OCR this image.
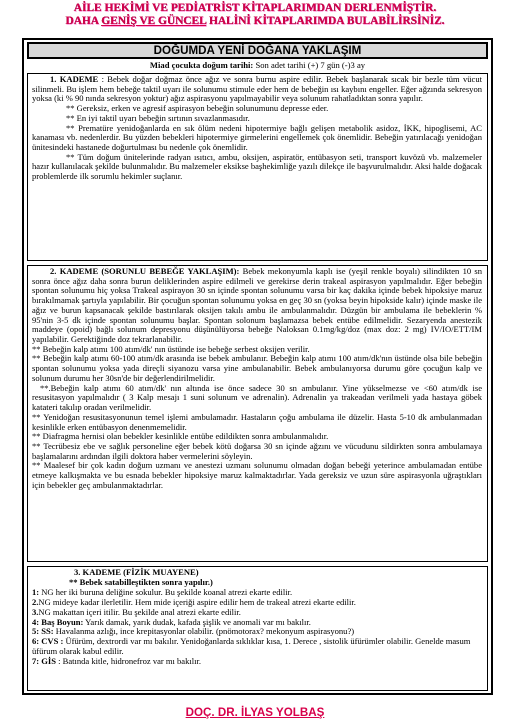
AİLE HEKİMİ VE PEDİATRİST KİTAPLARIMDAN DERLENMİŞTİR.
DAHA GENİŞ VE GÜNCEL HALİNİ KİTAPLARIMDA BULABİLİRSİNİZ.
DOĞUMDA YENİ DOĞANA YAKLAŞIM
Miad çocukta doğum tarihi: Son adet tarihi (+) 7 gün (-)3 ay

1. KADEME : Bebek doğar doğmaz önce ağız ve sonra burnu aspire edilir. Bebek başlanarak sıcak bir bezle tüm vücut silinmeli. Bu işlem hem bebeğe taktil uyarı ile solunumu stimule eder hem de bebeğin ısı kaybını engeller. Eğer ağzında sekresyon yoksa (ki % 90 nında sekresyon yoktur) ağız aspirasyonu yapılmayabilir veya solunum rahatladıktan sonra yapılır.

** Gereksiz, erken ve agresif aspirasyon bebeğin solunumunu depresse eder.

** En iyi taktil uyarı bebeğin sırtının sıvazlanmasıdır.

** Prematüre yenidoğanlarda en sık ölüm nedeni hipotermiye bağlı gelişen metabolik asidoz, İKK, hipoglisemi, AC kanaması vb. nedenlerdir. Bu yüzden bebekleri hipotermiye girmelerini engellemek çok önemlidir. Bebeğin yatırılacağı yenidoğan ünitesindeki hastanede doğurtulması bu nedenle çok önemlidir.

** Tüm doğum ünitelerinde radyan ısıtıcı, ambu, oksijen, aspiratör, entübasyon seti, transport kuvözü vb. malzemeler hazır kullanılacak şekilde bulunmalıdır. Bu malzemeler eksikse başhekimliğe yazılı dilekçe ile başvurulmalıdır. Aksi halde doğacak problemlerde ilk sorumlu hekimler suçlanır.

2. KADEME (SORUNLU BEBEĞE YAKLAŞIM): Bebek mekonyumla kaplı ise (yeşil renkle boyalı) silindikten 10 sn sonra önce ağız daha sonra burun deliklerinden aspire edilmeli ve gerekirse derin trakeal aspirasyon yapılmalıdır. Eğer bebeğin spontan solunumu hiç yoksa Trakeal aspirayon 30 sn içinde spontan solunumu varsa bir kaç dakika içinde bebek hipoksiye maruz bırakılmamak şartıyla yapılabilir. Bir çocuğun spontan solunumu yoksa en geç 30 sn (yoksa beyin hipokside kalır) içinde maske ile ağız ve burun kapsanacak şekilde bastırılarak oksijen takılı ambu ile ambulanmalıdır. Düzgün bir ambulama ile bebeklerin % 95'nin 3-5 dk içinde spontan solunumu başlar. Spontan solonum başlamazsa bebek entübe edilmelidir. Sezaryenda anestezik maddeye (opoid) bağlı solunum depresyonu düşünülüyorsa bebeğe Naloksan 0.1mg/kg/doz (max doz: 2 mg) IV/IO/ETT/IM yapılabilir. Gerektiğinde doz tekrarlanabilir.

** Bebeğin kalp atımı 100 atım/dk' nın üstünde ise bebeğe serbest oksijen verilir.

** Bebeğin kalp atımı 60-100 atım/dk arasında ise bebek ambulanır. Bebeğin kalp atımı 100 atım/dk'nın üstünde olsa bile bebeğin spontan solunumu yoksa yada direçli siyanozu varsa yine ambulanabilir. Bebek ambulanıyorsa durumu göre çocuğun kalp ve solunum durumu her 30sn'de bir değerlendirilmelidir.

**.Bebeğin kalp atımı 60 atım/dk' nın altında ise önce sadece 30 sn ambulanır. Yine yükselmezse ve <60 atım/dk ise resusitasyon yapılmalıdır ( 3 Kalp mesajı 1 suni solunum ve adrenalin). Adrenalin ya trakeadan verilmeli yada hastaya göbek katateri takılıp oradan verilmelidir.

** Yenidoğan resusitasyonunun temel işlemi ambulamadır. Hastaların çoğu ambulama ile düzelir. Hasta 5-10 dk ambulanmadan kesinlikle erken entübasyon denenmemelidir.

** Diafragma hernisi olan bebekler kesinlikle entübe edildikten sonra ambulanmalıdır.

** Tecrübesiz ebe ve sağlık personeline eğer bebek kötü doğarsa 30 sn içinde ağzını ve vücudunu sildirkten sonra ambulamaya başlamalarını ardından ilgili doktora haber vermelerini söyleyin.

** Maalesef bir çok kadın doğum uzmanı ve anestezi uzmanı solunumu olmadan doğan bebeği yeterince ambulamadan entübe etmeye kalkışmakta ve bu esnada bebekler hipoksiye maruz kalmaktadırlar. Yada gereksiz ve uzun süre aspirasyonla uğraştıkları için bebekler geç ambulanmaktadırlar.

3. KADEME (FİZİK MUAYENE)

** Bebek satabilleştikten sonra yapılır.)

1: NG her iki buruna deliğine sokulur. Bu şekilde koanal atrezi ekarte edilir.

2.NG mideye kadar ilerletilir. Hem mide içeriği aspire edilir hem de trakeal atrezi ekarte edilir.

3.NG makattan içeri itilir. Bu şekilde anal atrezi ekarte edilir.

4: Baş Boyun: Yarık damak, yarık dudak, kafada şişlik ve anomali var mı bakılır.

5: SS: Havalanma azlığı, ince krepitasyonlar olabilir. (pnömotorax? mekonyum aspirasyonu?)

6: CVS : Üfürüm, dextrordi var mı bakılır. Yenidoğanlarda sıklıklar kısa, 1. Derece , sistolik üfürümler olabilir. Genelde masum üfürum olarak kabul edilir.

7: GİS : Batında kitle, hidronefroz var mı bakılır.

DOÇ. DR. İLYAS YOLBAŞ
